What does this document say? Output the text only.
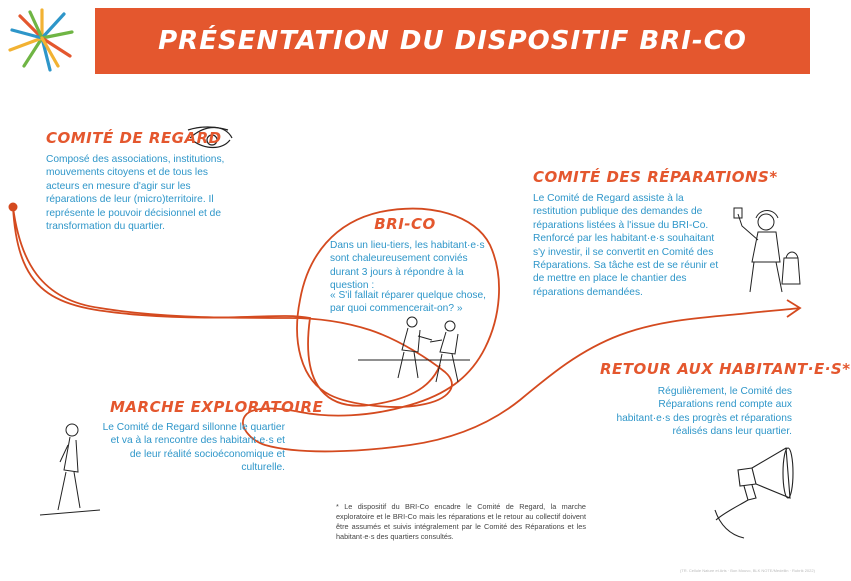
PRÉSENTATION DU DISPOSITIF BRI-CO
COMITÉ DE REGARD
Composé des associations, institutions, mouvements citoyens et de tous les acteurs en mesure d'agir sur les réparations de leur (micro)territoire. Il représente le pouvoir décisionnel et de transformation du quartier.	BRI-CO
Dans un lieu-tiers, les habitant·e·s sont chaleureusement conviés durant 3 jours à répondre à la question :
« S'il fallait réparer quelque chose, par quoi commencerait-on? »
COMITÉ DES RÉPARATIONS*
Le Comité de Regard assiste à la restitution publique des demandes de réparations listées à l'issue du BRI-Co. Renforcé par les habitant·e·s souhaitant s'y investir, il se convertit en Comité des Réparations. Sa tâche est de se réunir et de mettre en place le chantier des réparations demandées.
MARCHE EXPLORATOIRE
Le Comité de Regard sillonne le quartier et va à la rencontre des habitant·e·s et de leur réalité socioéconomique et culturelle.
RETOUR AUX HABITANT·E·S*
Régulièrement, le Comité des Réparations rend compte aux habitant·e·s des progrès et réparations réalisés dans leur quartier.
* Le dispositif du BRI-Co encadre le Comité de Regard, la marche exploratoire et le BRI-Co mais les réparations et le retour au collectif doivent être assumés et suivis intégralement par le Comité des Réparations et les habitant·e·s des quartiers consultés.
(TR. Cellule Nature et Arts · Bon Mouvo, BLK NOTE/Medellin · Rubrik 2022)
